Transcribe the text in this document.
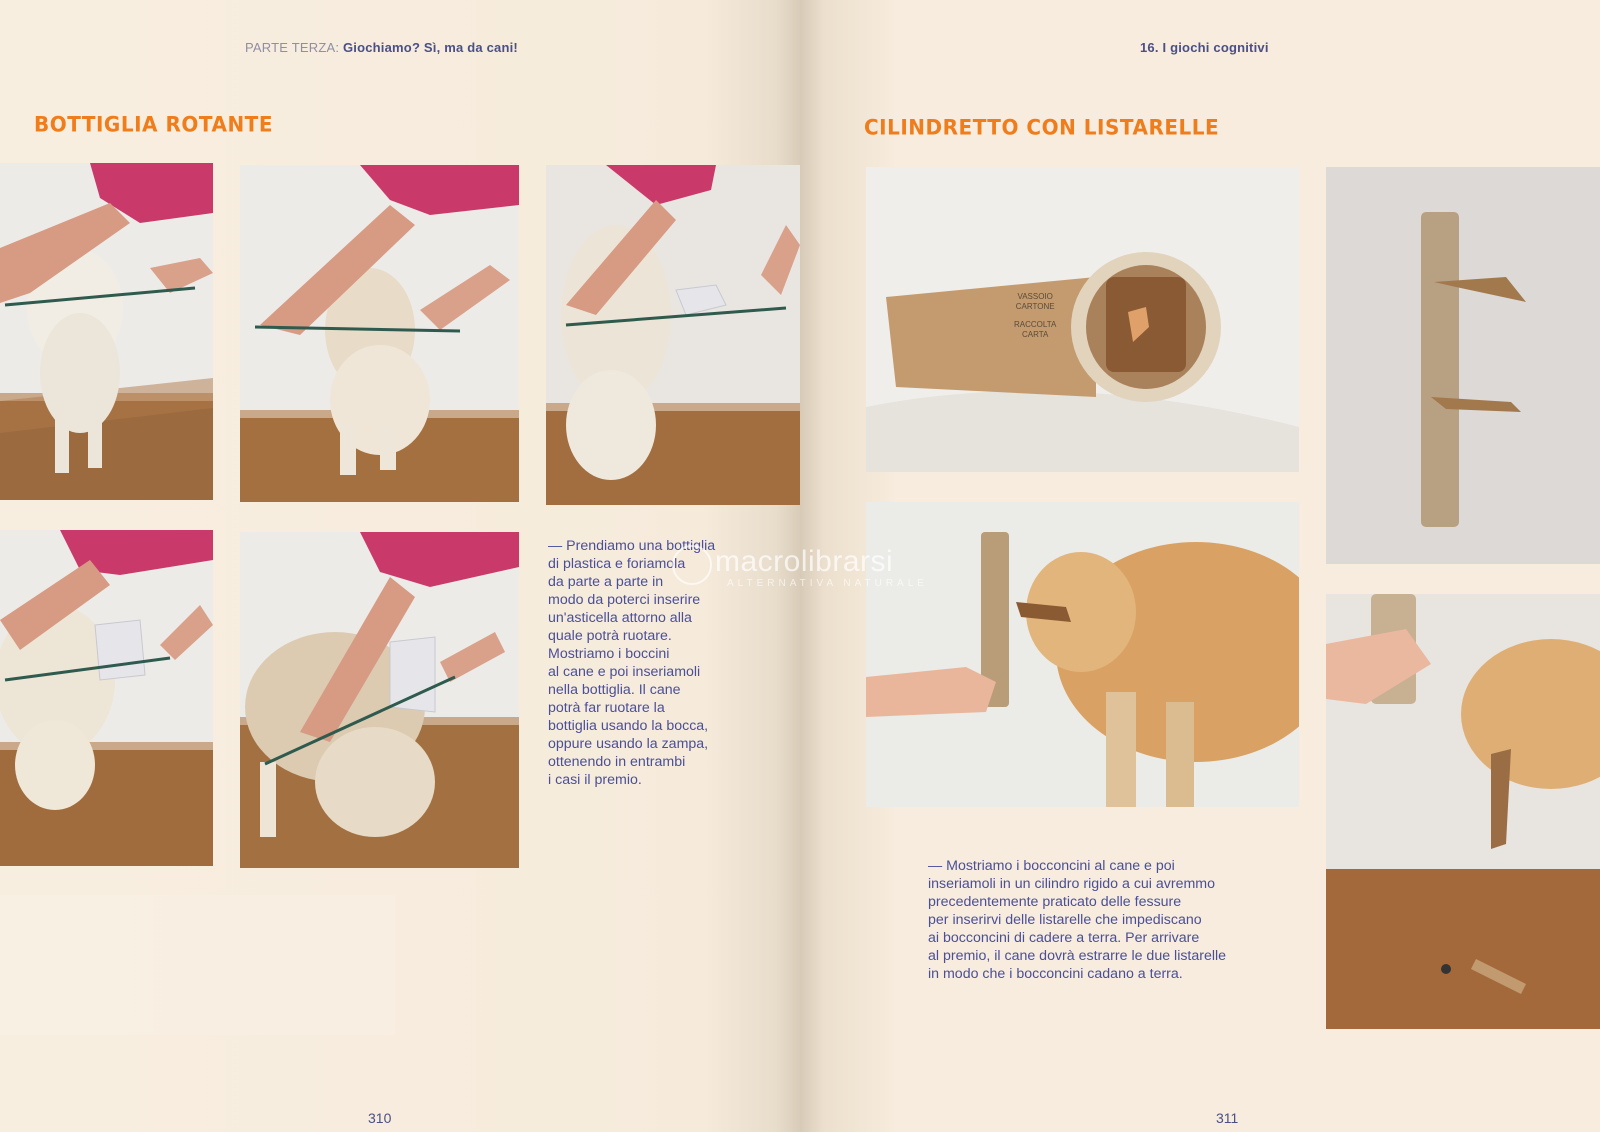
PARTE TERZA: Giochiamo? Sì, ma da cani!
BOTTIGLIA ROTANTE
— Prendiamo una bottiglia
di plastica e foriamola
da parte a parte in
modo da poterci inserire
un'asticella attorno alla
quale potrà ruotare.
Mostriamo i boccini
al cane e poi inseriamoli
nella bottiglia. Il cane
potrà far ruotare la
bottiglia usando la bocca,
oppure usando la zampa,
ottenendo in entrambi
i casi il premio.
310
16. I giochi cognitivi
CILINDRETTO CON LISTARELLE
VASSOIO
CARTONE
RACCOLTA
CARTA
— Mostriamo i bocconcini al cane e poi
inseriamoli in un cilindro rigido a cui avremmo
precedentemente praticato delle fessure
per inserirvi delle listarelle che impediscano
ai bocconcini di cadere a terra. Per arrivare
al premio, il cane dovrà estrarre le due listarelle
in modo che i bocconcini cadano a terra.
311
macrolibrarsi
ALTERNATIVA NATURALE
